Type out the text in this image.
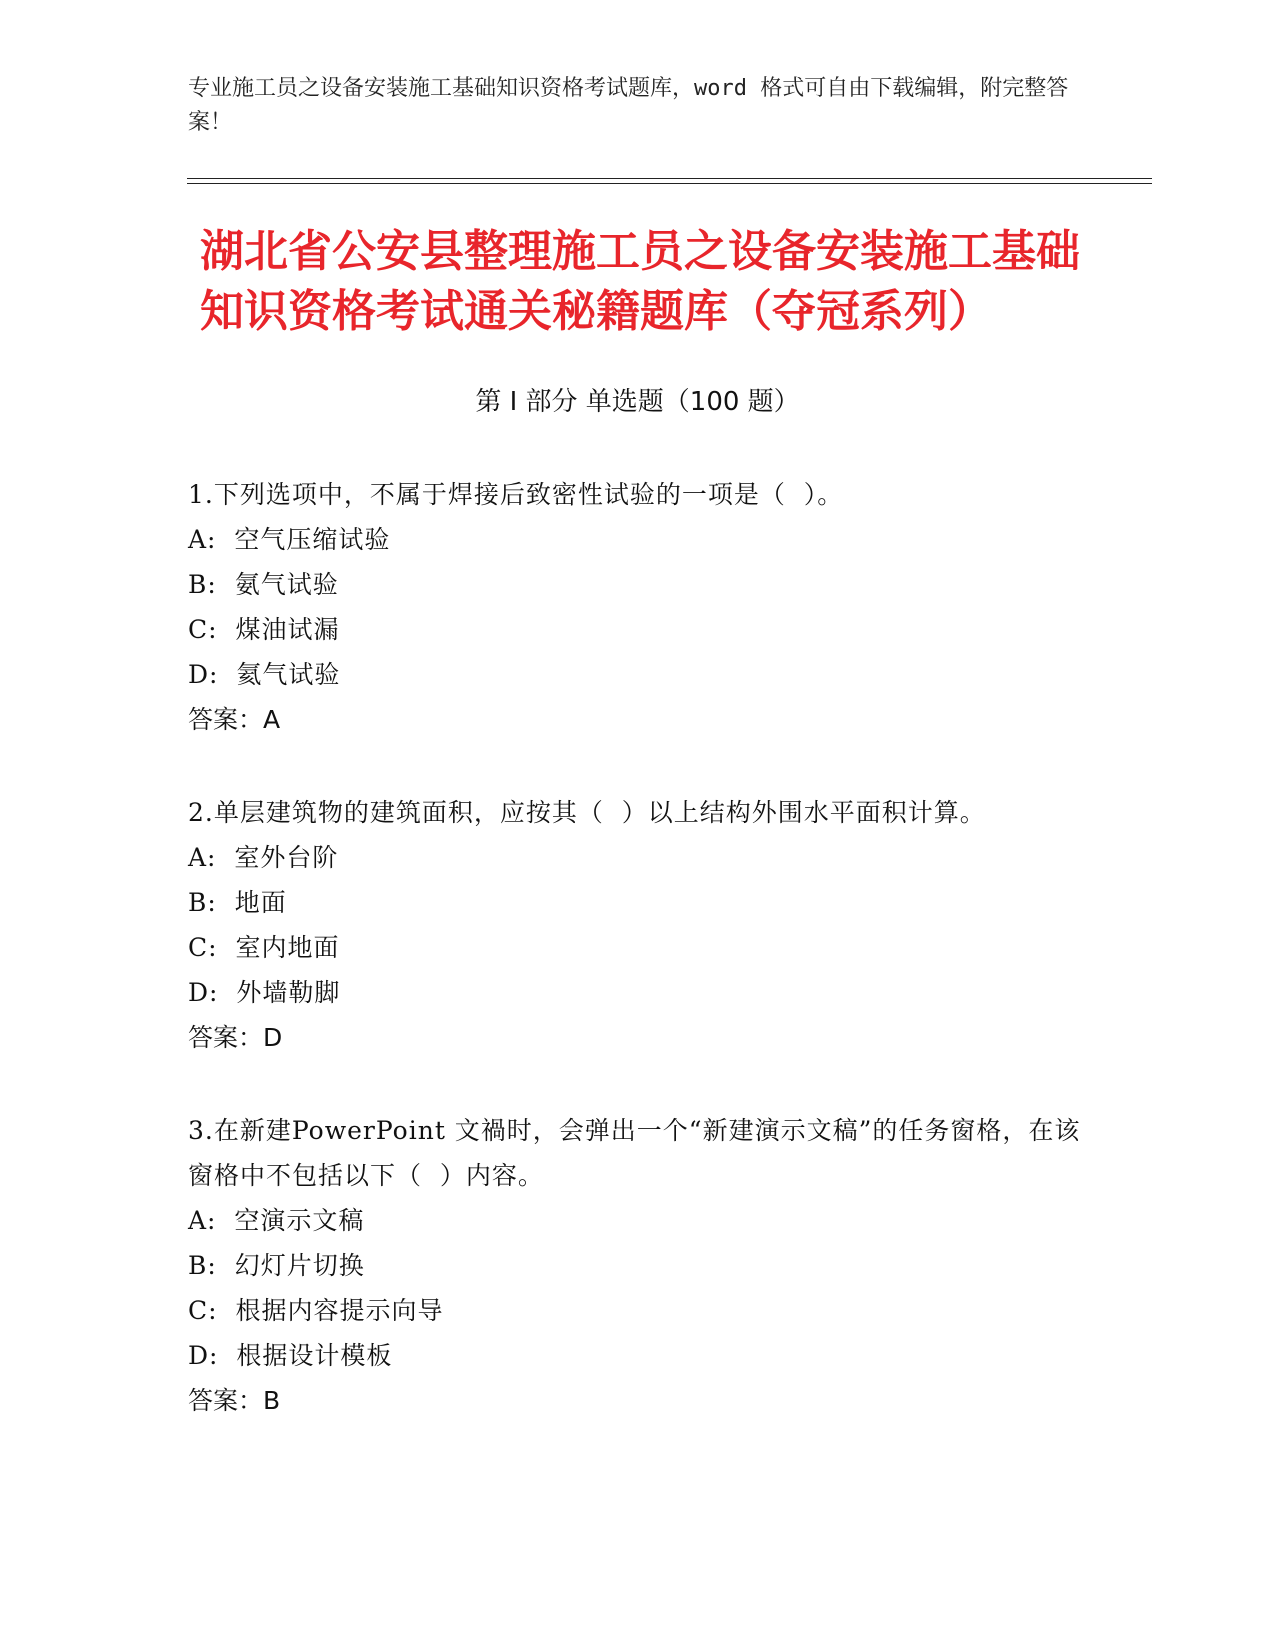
专业施工员之设备安装施工基础知识资格考试题库，word 格式可自由下载编辑，附完整答案！
湖北省公安县整理施工员之设备安装施工基础知识资格考试通关秘籍题库（夺冠系列）
第 I 部分 单选题（100 题）
1.下列选项中，不属于焊接后致密性试验的一项是（  ）。
A:  空气压缩试验
B:  氨气试验
C:  煤油试漏
D:  氦气试验
答案：A
2.单层建筑物的建筑面积，应按其（  ）以上结构外围水平面积计算。
A:  室外台阶
B:  地面
C:  室内地面
D:  外墙勒脚
答案：D
3.在新建PowerPoint 文禍时，会弹出一个“新建演示文稿”的任务窗格，在该窗格中不包括以下（  ）内容。
A:  空演示文稿
B:  幻灯片切换
C:  根据内容提示向导
D:  根据设计模板
答案：B
